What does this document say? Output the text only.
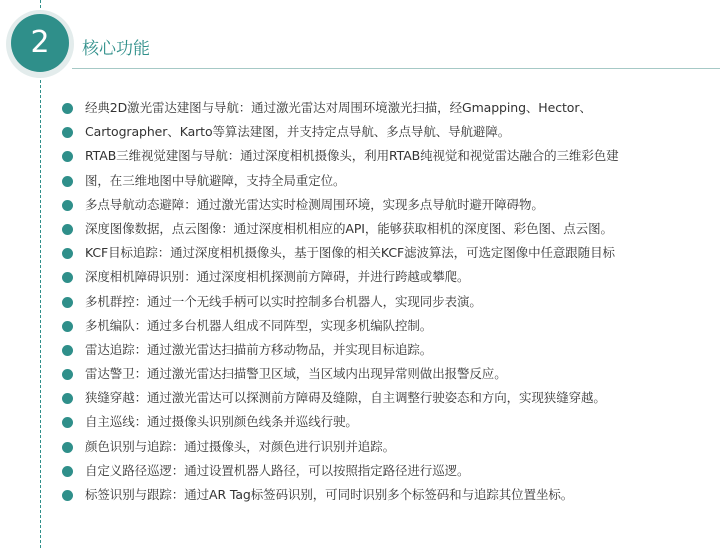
2	核心功能
经典2D激光雷达建图与导航：通过激光雷达对周围环境激光扫描，经Gmapping、Hector、
Cartographer、Karto等算法建图，并支持定点导航、多点导航、导航避障。
RTAB三维视觉建图与导航：通过深度相机摄像头，利用RTAB纯视觉和视觉雷达融合的三维彩色建
图，在三维地图中导航避障，支持全局重定位。
多点导航动态避障：通过激光雷达实时检测周围环境，实现多点导航时避开障碍物。
深度图像数据，点云图像：通过深度相机相应的API，能够获取相机的深度图、彩色图、点云图。
KCF目标追踪：通过深度相机摄像头，基于图像的相关KCF滤波算法，可选定图像中任意跟随目标
深度相机障碍识别：通过深度相机探测前方障碍，并进行跨越或攀爬。
多机群控：通过一个无线手柄可以实时控制多台机器人，实现同步表演。
多机编队：通过多台机器人组成不同阵型，实现多机编队控制。
雷达追踪：通过激光雷达扫描前方移动物品，并实现目标追踪。
雷达警卫：通过激光雷达扫描警卫区域，当区域内出现异常则做出报警反应。
狭缝穿越：通过激光雷达可以探测前方障碍及缝隙，自主调整行驶姿态和方向，实现狭缝穿越。
自主巡线：通过摄像头识别颜色线条并巡线行驶。
颜色识别与追踪：通过摄像头，对颜色进行识别并追踪。
自定义路径巡逻：通过设置机器人路径，可以按照指定路径进行巡逻。
标签识别与跟踪：通过AR Tag标签码识别，可同时识别多个标签码和与追踪其位置坐标。
